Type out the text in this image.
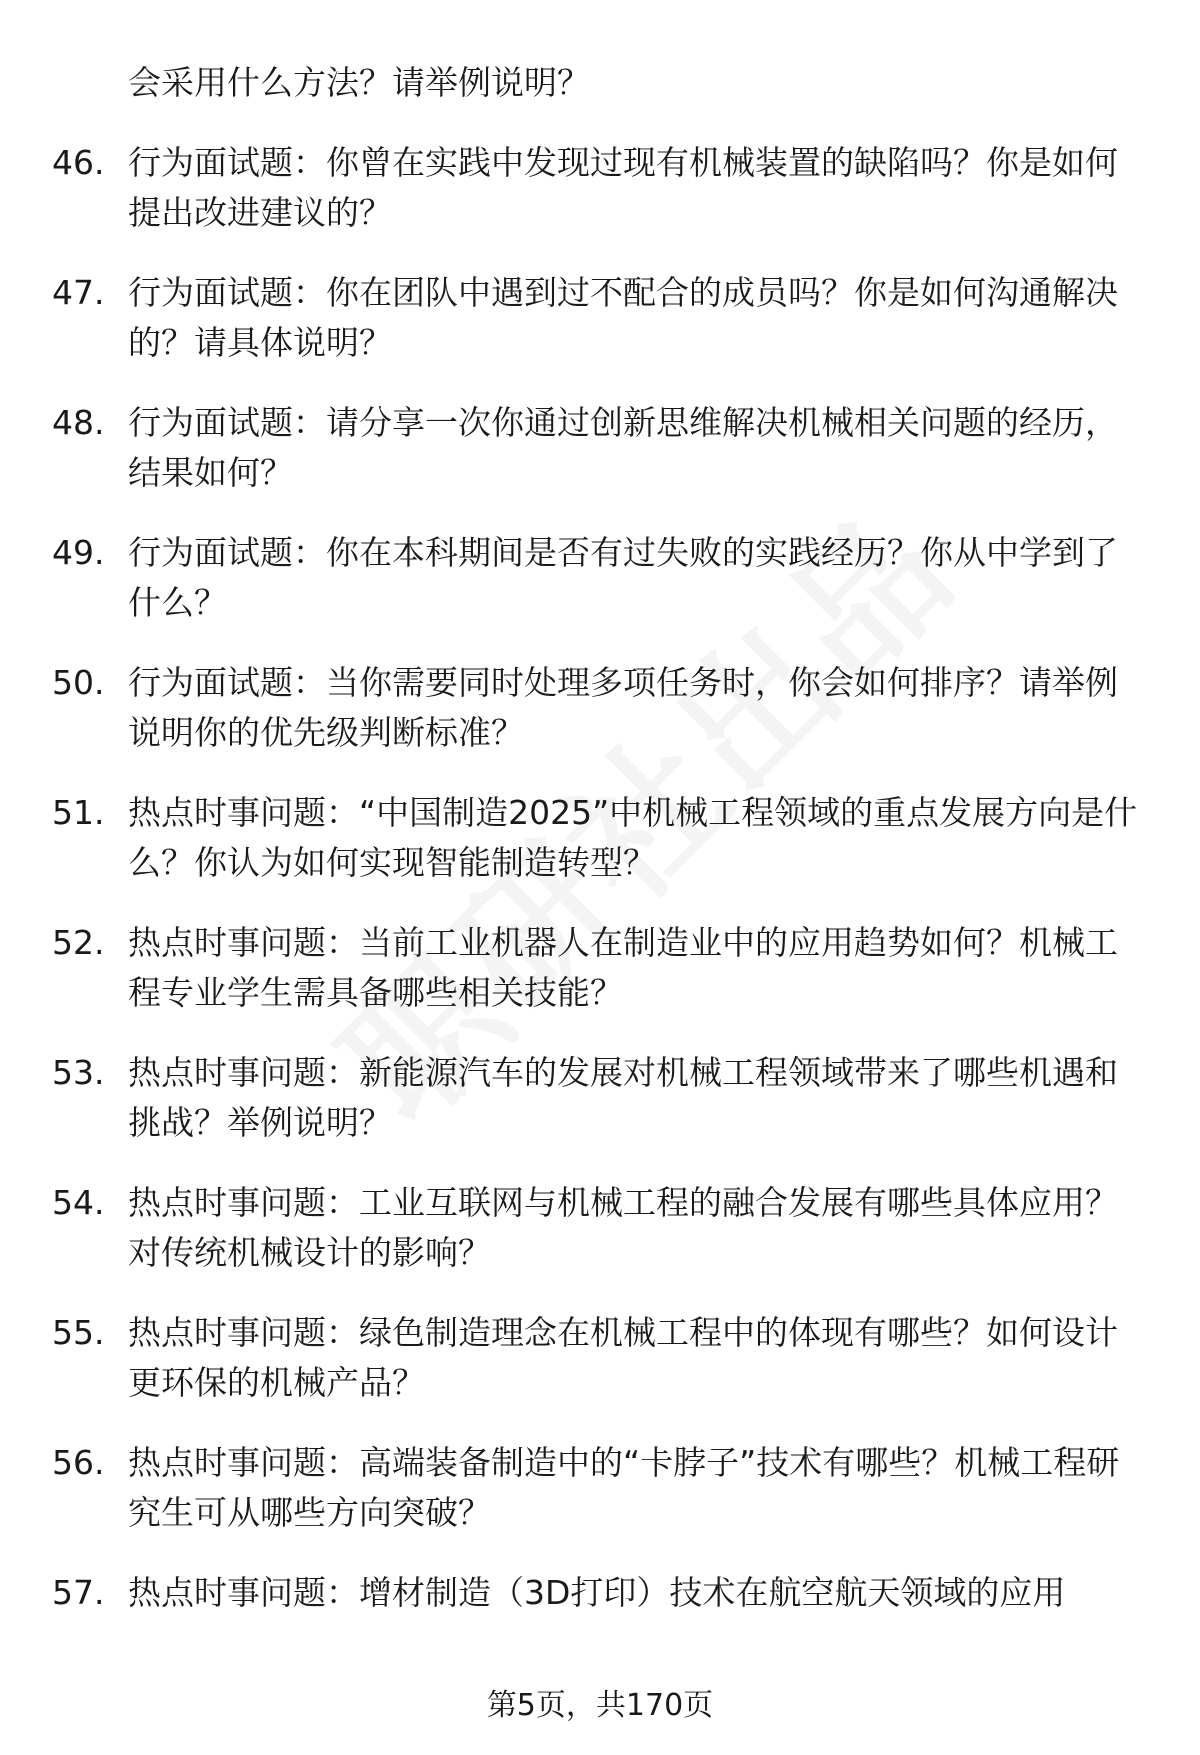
会采用什么方法？请举例说明？

46. 行为面试题：你曾在实践中发现过现有机械装置的缺陷吗？你是如何提出改进建议的？
47. 行为面试题：你在团队中遇到过不配合的成员吗？你是如何沟通解决的？请具体说明？
48. 行为面试题：请分享一次你通过创新思维解决机械相关问题的经历，结果如何？
49. 行为面试题：你在本科期间是否有过失败的实践经历？你从中学到了什么？
50. 行为面试题：当你需要同时处理多项任务时，你会如何排序？请举例说明你的优先级判断标准？
51. 热点时事问题：“中国制造2025”中机械工程领域的重点发展方向是什么？你认为如何实现智能制造转型？
52. 热点时事问题：当前工业机器人在制造业中的应用趋势如何？机械工程专业学生需具备哪些相关技能？
53. 热点时事问题：新能源汽车的发展对机械工程领域带来了哪些机遇和挑战？举例说明？
54. 热点时事问题：工业互联网与机械工程的融合发展有哪些具体应用？对传统机械设计的影响？
55. 热点时事问题：绿色制造理念在机械工程中的体现有哪些？如何设计更环保的机械产品？
56. 热点时事问题：高端装备制造中的“卡脖子”技术有哪些？机械工程研究生可从哪些方向突破？
57. 热点时事问题：增材制造（3D打印）技术在航空航天领域的应用
第5页，共170页
